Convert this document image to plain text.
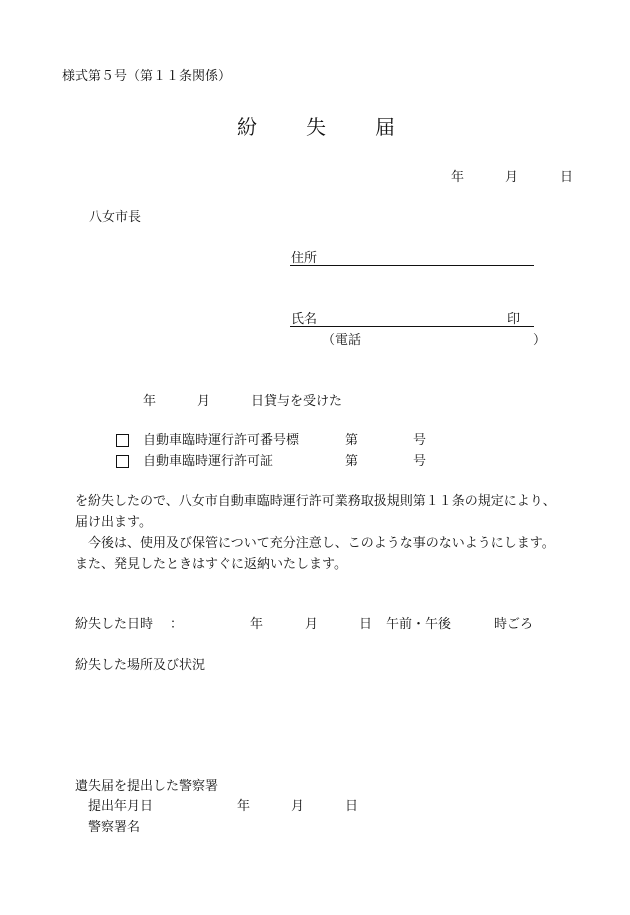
様式第５号（第１１条関係）
紛 失 届
年	月	日
八女市長
住所
氏名	印
（電話	）
年	月	日貸与を受けた
自動車臨時運行許可番号標	第	号
自動車臨時運行許可証	第	号
を紛失したので、八女市自動車臨時運行許可業務取扱規則第１１条の規定により、
届け出ます。
今後は、使用及び保管について充分注意し、このような事のないようにします。
また、発見したときはすぐに返納いたします。
紛失した日時 ：	年	月	日 午前・午後	時ごろ
紛失した場所及び状況
遺失届を提出した警察署
提出年月日	年	月	日
警察署名
